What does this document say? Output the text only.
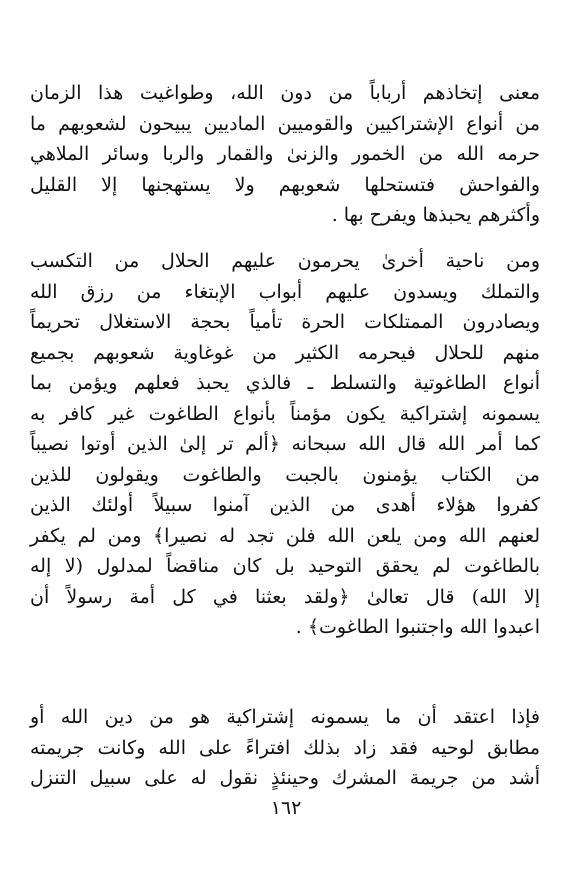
معنى إتخاذهم أرباباً من دون الله، وطواغيت هذا الزمان
من أنواع الإشتراكيين والقوميين الماديين يبيحون لشعوبهم ما
حرمه الله من الخمور والزنىٰ والقمار والربا وسائر الملاهي
والفواحش فتستحلها شعوبهم ولا يستهجنها إلا القليل
وأكثرهم يحبذها ويفرح بها .
ومن ناحية أخرىٰ يحرمون عليهم الحلال من التكسب
والتملك ويسدون عليهم أبواب الإبتغاء من رزق الله
ويصادرون الممتلكات الحرة تأمياً بحجة الاستغلال تحريماً
منهم للحلال فيحرمه الكثير من غوغاوية شعوبهم بجميع
أنواع الطاغوتية والتسلط ـ فالذي يحبذ فعلهم ويؤمن بما
يسمونه إشتراكية يكون مؤمناً بأنواع الطاغوت غير كافر به
كما أمر الله قال الله سبحانه ﴿ألم تر إلىٰ الذين أوتوا نصيباً
من الكتاب يؤمنون بالجبت والطاغوت ويقولون للذين
كفروا هؤلاء أهدى من الذين آمنوا سبيلاً أولئك الذين
لعنهم الله ومن يلعن الله فلن تجد له نصيرا﴾ ومن لم يكفر
بالطاغوت لم يحقق التوحيد بل كان مناقضاً لمدلول (لا إله
إلا الله) قال تعالىٰ ﴿ولقد بعثنا في كل أمة رسولاً أن
اعبدوا الله واجتنبوا الطاغوت﴾ .
فإذا اعتقد أن ما يسمونه إشتراكية هو من دين الله أو
مطابق لوحيه فقد زاد بذلك افتراءً على الله وكانت جريمته
أشد من جريمة المشرك وحينئذٍ نقول له على سبيل التنزل
١٦٢
